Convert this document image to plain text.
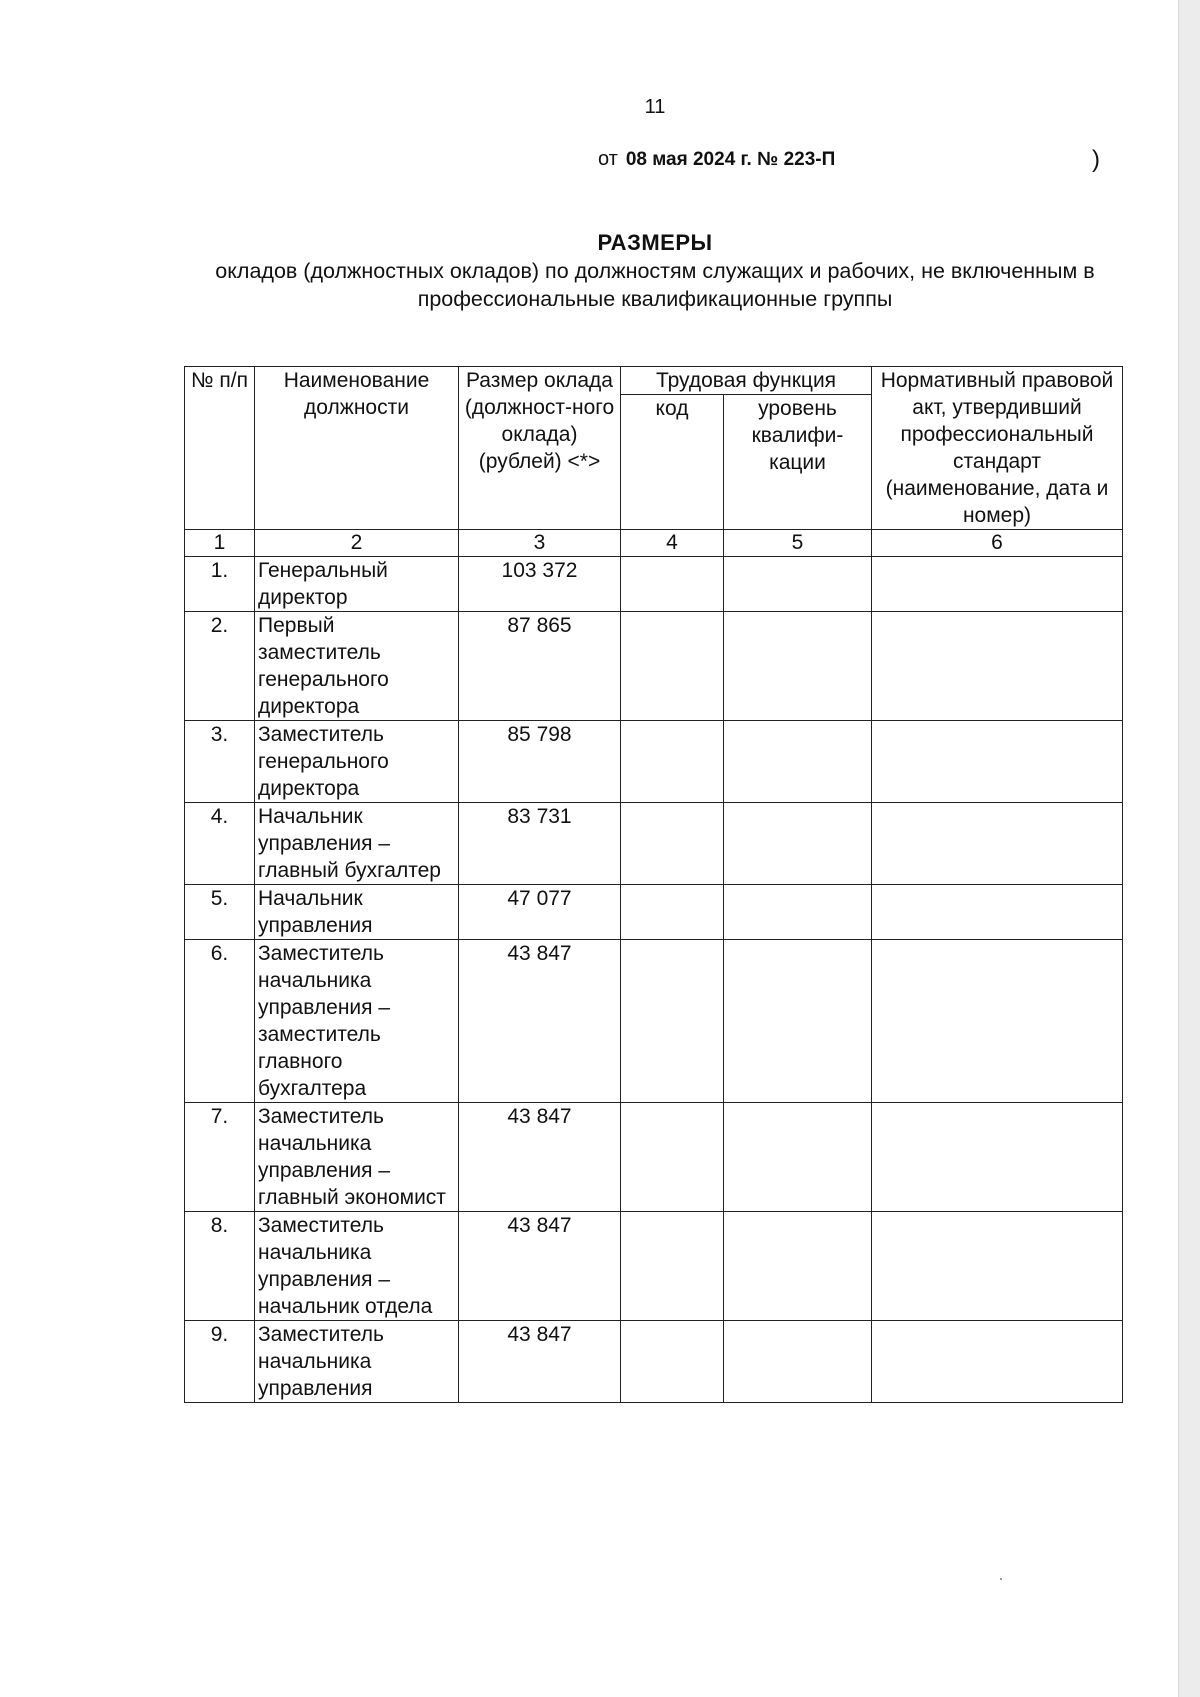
11
от 08 мая 2024 г. № 223-П	)
РАЗМЕРЫ
окладов (должностных окладов) по должностям служащих и рабочих, не включенным в профессиональные квалификационные группы
№ п/п	Наименование должности	Размер оклада (должност-ного оклада) (рублей) <*>	Трудовая функция		Нормативный правовой акт, утвердивший профессиональный стандарт (наименование, дата и номер)
			код	уровень квалифи-кации	
1	2	3	4	5	6
1.	Генеральный директор	103 372			
2.	Первый заместитель генерального директора	87 865			
3.	Заместитель генерального директора	85 798			
4.	Начальник управления – главный бухгалтер	83 731			
5.	Начальник управления	47 077			
6.	Заместитель начальника управления – заместитель главного бухгалтера	43 847			
7.	Заместитель начальника управления – главный экономист	43 847			
8.	Заместитель начальника управления – начальник отдела	43 847			
9.	Заместитель начальника управления	43 847			
